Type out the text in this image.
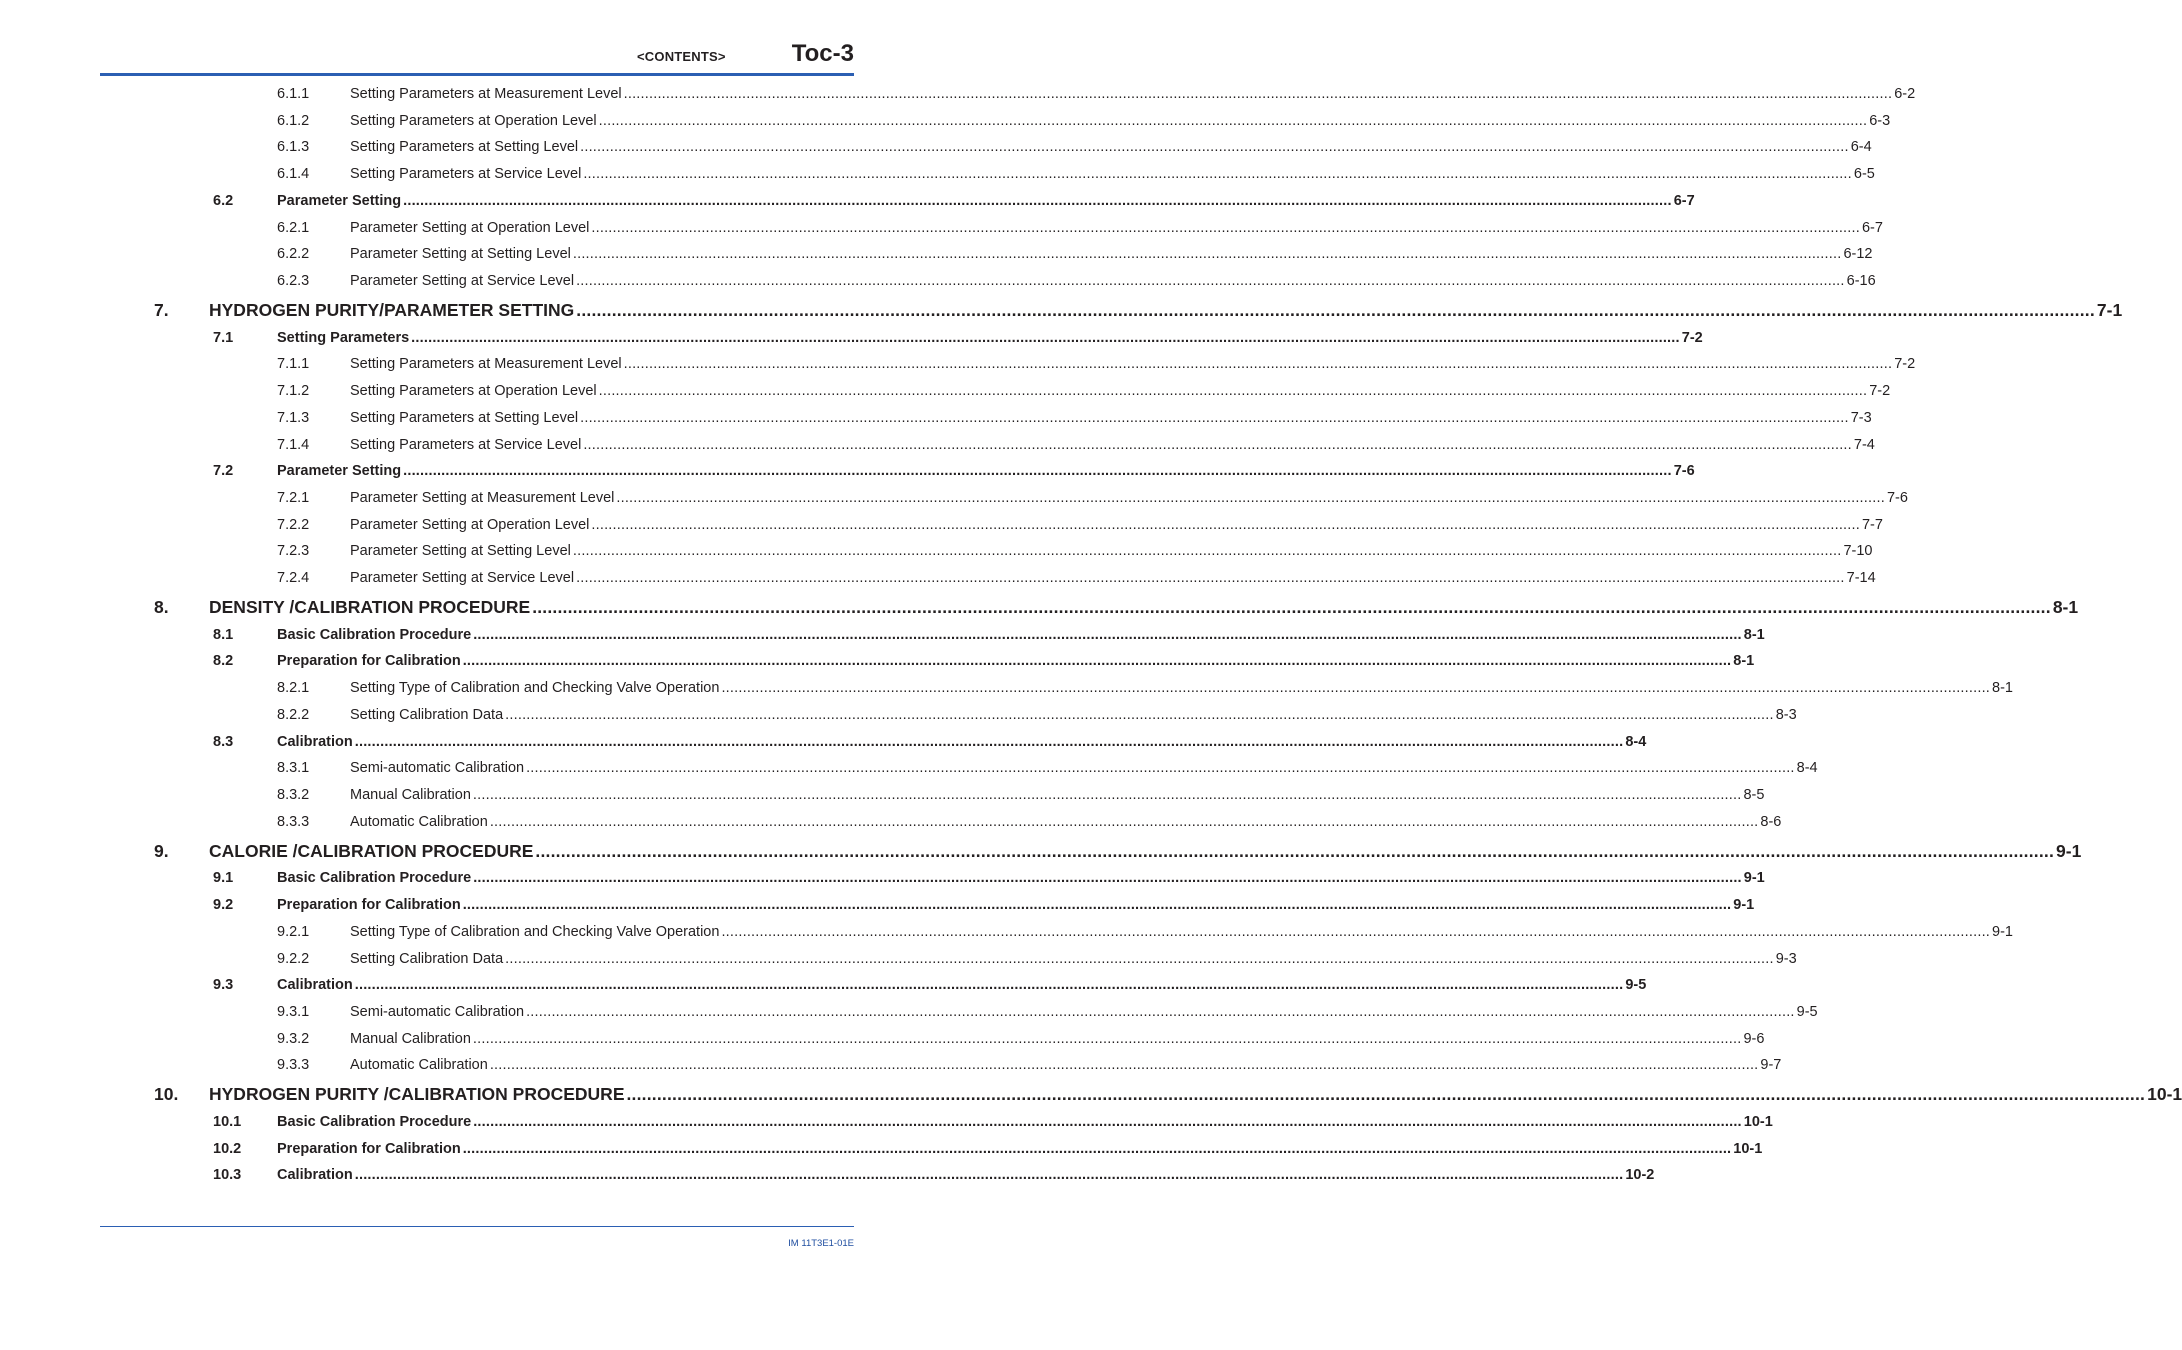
<CONTENTS>	Toc-3
6.1.1	Setting Parameters at Measurement Level ............................................................................................................................................................................................................................................................................................................ 6-2
6.1.2	Setting Parameters at Operation Level ............................................................................................................................................................................................................................................................................................................ 6-3
6.1.3	Setting Parameters at Setting Level ............................................................................................................................................................................................................................................................................................................ 6-4
6.1.4	Setting Parameters at Service Level ............................................................................................................................................................................................................................................................................................................ 6-5
6.2	Parameter Setting ............................................................................................................................................................................................................................................................................................................ 6-7
6.2.1	Parameter Setting at Operation Level ............................................................................................................................................................................................................................................................................................................ 6-7
6.2.2	Parameter Setting at Setting Level ............................................................................................................................................................................................................................................................................................................ 6-12
6.2.3	Parameter Setting at Service Level ............................................................................................................................................................................................................................................................................................................ 6-16
7. HYDROGEN PURITY/PARAMETER SETTING ............................................................................................................................................................................................................................................................................................................ 7-1
7.1	Setting Parameters ............................................................................................................................................................................................................................................................................................................ 7-2
7.1.1	Setting Parameters at Measurement Level ............................................................................................................................................................................................................................................................................................................ 7-2
7.1.2	Setting Parameters at Operation Level ............................................................................................................................................................................................................................................................................................................ 7-2
7.1.3	Setting Parameters at Setting Level ............................................................................................................................................................................................................................................................................................................ 7-3
7.1.4	Setting Parameters at Service Level ............................................................................................................................................................................................................................................................................................................ 7-4
7.2	Parameter Setting ............................................................................................................................................................................................................................................................................................................ 7-6
7.2.1	Parameter Setting at Measurement Level ............................................................................................................................................................................................................................................................................................................ 7-6
7.2.2	Parameter Setting at Operation Level ............................................................................................................................................................................................................................................................................................................ 7-7
7.2.3	Parameter Setting at Setting Level ............................................................................................................................................................................................................................................................................................................ 7-10
7.2.4	Parameter Setting at Service Level ............................................................................................................................................................................................................................................................................................................ 7-14
8. DENSITY /CALIBRATION PROCEDURE ............................................................................................................................................................................................................................................................................................................ 8-1
8.1	Basic Calibration Procedure ............................................................................................................................................................................................................................................................................................................ 8-1
8.2	Preparation for Calibration ............................................................................................................................................................................................................................................................................................................ 8-1
8.2.1	Setting Type of Calibration and Checking Valve Operation ............................................................................................................................................................................................................................................................................................................ 8-1
8.2.2	Setting Calibration Data ............................................................................................................................................................................................................................................................................................................ 8-3
8.3	Calibration ............................................................................................................................................................................................................................................................................................................ 8-4
8.3.1	Semi-automatic Calibration ............................................................................................................................................................................................................................................................................................................ 8-4
8.3.2	Manual Calibration ............................................................................................................................................................................................................................................................................................................ 8-5
8.3.3	Automatic Calibration ............................................................................................................................................................................................................................................................................................................ 8-6
9. CALORIE /CALIBRATION PROCEDURE ............................................................................................................................................................................................................................................................................................................ 9-1
9.1	Basic Calibration Procedure ............................................................................................................................................................................................................................................................................................................ 9-1
9.2	Preparation for Calibration ............................................................................................................................................................................................................................................................................................................ 9-1
9.2.1	Setting Type of Calibration and Checking Valve Operation ............................................................................................................................................................................................................................................................................................................ 9-1
9.2.2	Setting Calibration Data ............................................................................................................................................................................................................................................................................................................ 9-3
9.3	Calibration ............................................................................................................................................................................................................................................................................................................ 9-5
9.3.1	Semi-automatic Calibration ............................................................................................................................................................................................................................................................................................................ 9-5
9.3.2	Manual Calibration ............................................................................................................................................................................................................................................................................................................ 9-6
9.3.3	Automatic Calibration ............................................................................................................................................................................................................................................................................................................ 9-7
10. HYDROGEN PURITY /CALIBRATION PROCEDURE ............................................................................................................................................................................................................................................................................................................ 10-1
10.1 Basic Calibration Procedure ............................................................................................................................................................................................................................................................................................................ 10-1
10.2 Preparation for Calibration ............................................................................................................................................................................................................................................................................................................ 10-1
10.3 Calibration ............................................................................................................................................................................................................................................................................................................ 10-2
IM 11T3E1-01E
